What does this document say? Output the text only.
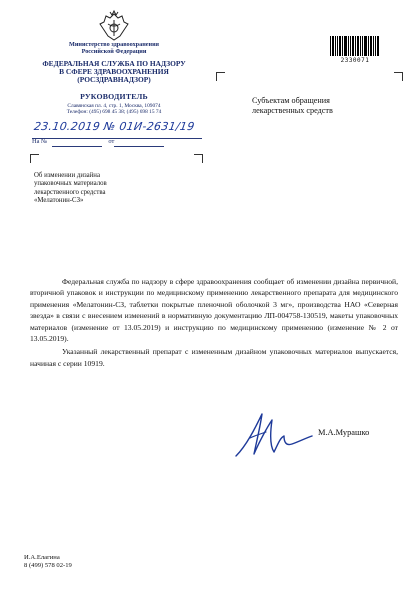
Министерство здравоохранения
Российской Федерации
ФЕДЕРАЛЬНАЯ СЛУЖБА ПО НАДЗОРУ
В СФЕРЕ ЗДРАВООХРАНЕНИЯ
(РОСЗДРАВНАДЗОР)
РУКОВОДИТЕЛЬ
Славянская пл. 4, стр. 1, Москва, 109074
Телефон: (495) 698 45 38; (495) 698 15 74
23.10.2019 № 01И-2631/19
На №	от
2330071
Субъектам обращения
лекарственных средств
Об изменении дизайна
упаковочных материалов
лекарственного средства
«Мелатонин-СЗ»

Федеральная служба по надзору в сфере здравоохранения сообщает об изменении дизайна первичной, вторичной упаковок и инструкции по медицинскому применению лекарственного препарата для медицинского применения «Мелатонин-СЗ, таблетки покрытые пленочной оболочкой 3 мг», производства НАО «Северная звезда» в связи с внесением изменений в нормативную документацию ЛП-004758-130519, макеты упаковочных материалов (изменение от 13.05.2019) и инструкцию по медицинскому применению (изменение № 2 от 13.05.2019).

Указанный лекарственный препарат с измененным дизайном упаковочных материалов выпускается, начиная с серии 10919.

М.А.Мурашко
И.А.Елагина
8 (499) 578 02-19
